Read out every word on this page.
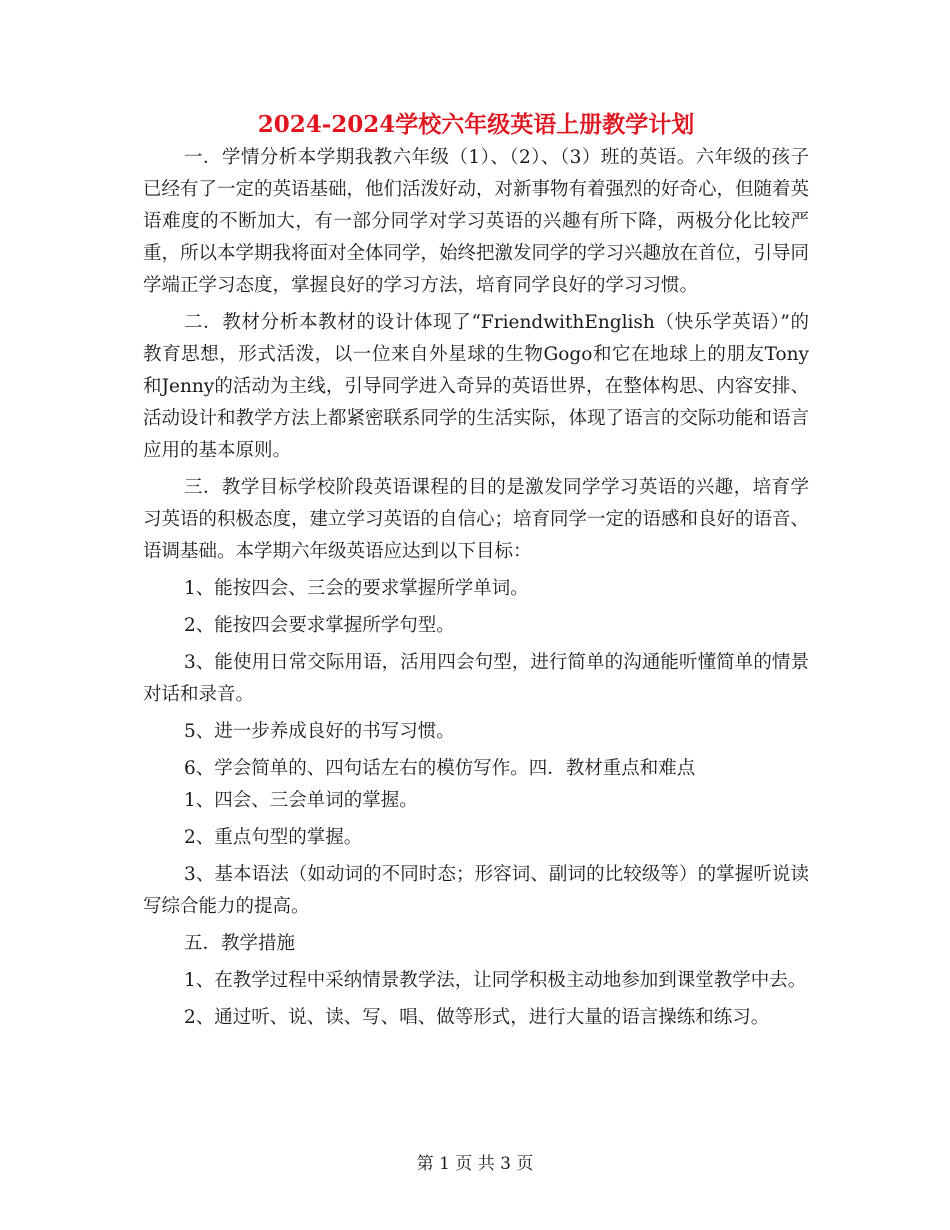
2024-2024学校六年级英语上册教学计划

一．学情分析本学期我教六年级（1）、（2）、（3）班的英语。六年级的孩子已经有了一定的英语基础，他们活泼好动，对新事物有着强烈的好奇心，但随着英语难度的不断加大，有一部分同学对学习英语的兴趣有所下降，两极分化比较严重，所以本学期我将面对全体同学，始终把激发同学的学习兴趣放在首位，引导同学端正学习态度，掌握良好的学习方法，培育同学良好的学习习惯。

二．教材分析本教材的设计体现了“FriendwithEnglish（快乐学英语）”的教育思想，形式活泼，以一位来自外星球的生物Gogo和它在地球上的朋友Tony和Jenny的活动为主线，引导同学进入奇异的英语世界，在整体构思、内容安排、活动设计和教学方法上都紧密联系同学的生活实际，体现了语言的交际功能和语言应用的基本原则。

三．教学目标学校阶段英语课程的目的是激发同学学习英语的兴趣，培育学习英语的积极态度，建立学习英语的自信心；培育同学一定的语感和良好的语音、语调基础。本学期六年级英语应达到以下目标：

1、能按四会、三会的要求掌握所学单词。

2、能按四会要求掌握所学句型。

3、能使用日常交际用语，活用四会句型，进行简单的沟通能听懂简单的情景对话和录音。

5、进一步养成良好的书写习惯。

6、学会简单的、四句话左右的模仿写作。四．教材重点和难点

1、四会、三会单词的掌握。

2、重点句型的掌握。

3、基本语法（如动词的不同时态；形容词、副词的比较级等）的掌握听说读写综合能力的提高。

五．教学措施

1、在教学过程中采纳情景教学法，让同学积极主动地参加到课堂教学中去。

2、通过听、说、读、写、唱、做等形式，进行大量的语言操练和练习。

第 1 页 共 3 页
